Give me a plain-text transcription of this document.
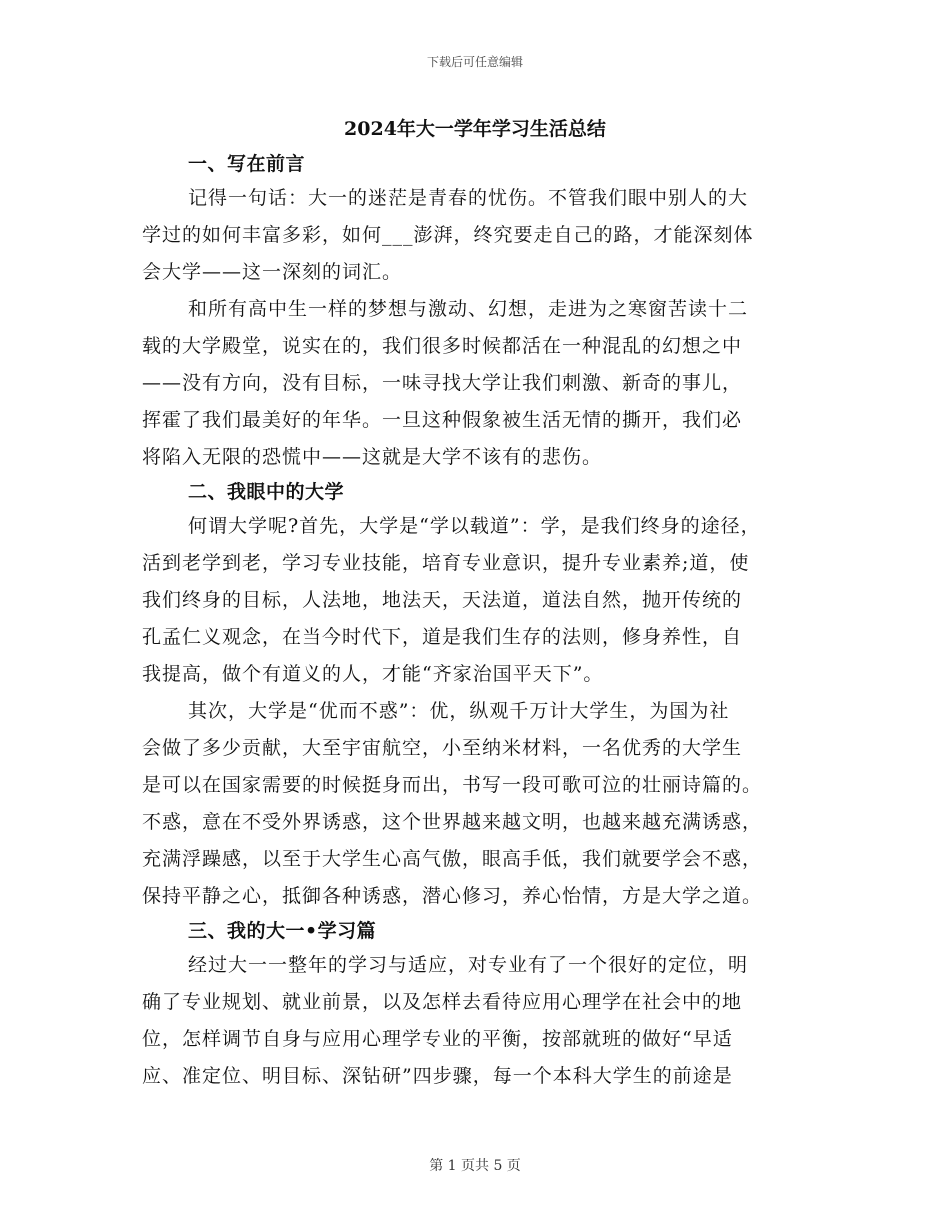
下载后可任意编辑
2024年大一学年学习生活总结
一、写在前言
记得一句话：大一的迷茫是青春的忧伤。不管我们眼中别人的大
学过的如何丰富多彩，如何___澎湃，终究要走自己的路，才能深刻体
会大学——这一深刻的词汇。
和所有高中生一样的梦想与激动、幻想，走进为之寒窗苦读十二
载的大学殿堂，说实在的，我们很多时候都活在一种混乱的幻想之中
——没有方向，没有目标，一味寻找大学让我们刺激、新奇的事儿，
挥霍了我们最美好的年华。一旦这种假象被生活无情的撕开，我们必
将陷入无限的恐慌中——这就是大学不该有的悲伤。
二、我眼中的大学
何谓大学呢?首先，大学是“学以载道”：学，是我们终身的途径，
活到老学到老，学习专业技能，培育专业意识，提升专业素养;道，使
我们终身的目标，人法地，地法天，天法道，道法自然，抛开传统的
孔孟仁义观念，在当今时代下，道是我们生存的法则，修身养性，自
我提高，做个有道义的人，才能“齐家治国平天下”。
其次，大学是“优而不惑”：优，纵观千万计大学生，为国为社
会做了多少贡献，大至宇宙航空，小至纳米材料，一名优秀的大学生
是可以在国家需要的时候挺身而出，书写一段可歌可泣的壮丽诗篇的。
不惑，意在不受外界诱惑，这个世界越来越文明，也越来越充满诱惑，
充满浮躁感，以至于大学生心高气傲，眼高手低，我们就要学会不惑，
保持平静之心，抵御各种诱惑，潜心修习，养心怡情，方是大学之道。
三、我的大一•学习篇
经过大一一整年的学习与适应，对专业有了一个很好的定位，明
确了专业规划、就业前景，以及怎样去看待应用心理学在社会中的地
位，怎样调节自身与应用心理学专业的平衡，按部就班的做好“早适
应、准定位、明目标、深钻研”四步骤，每一个本科大学生的前途是
第 1 页共 5 页
